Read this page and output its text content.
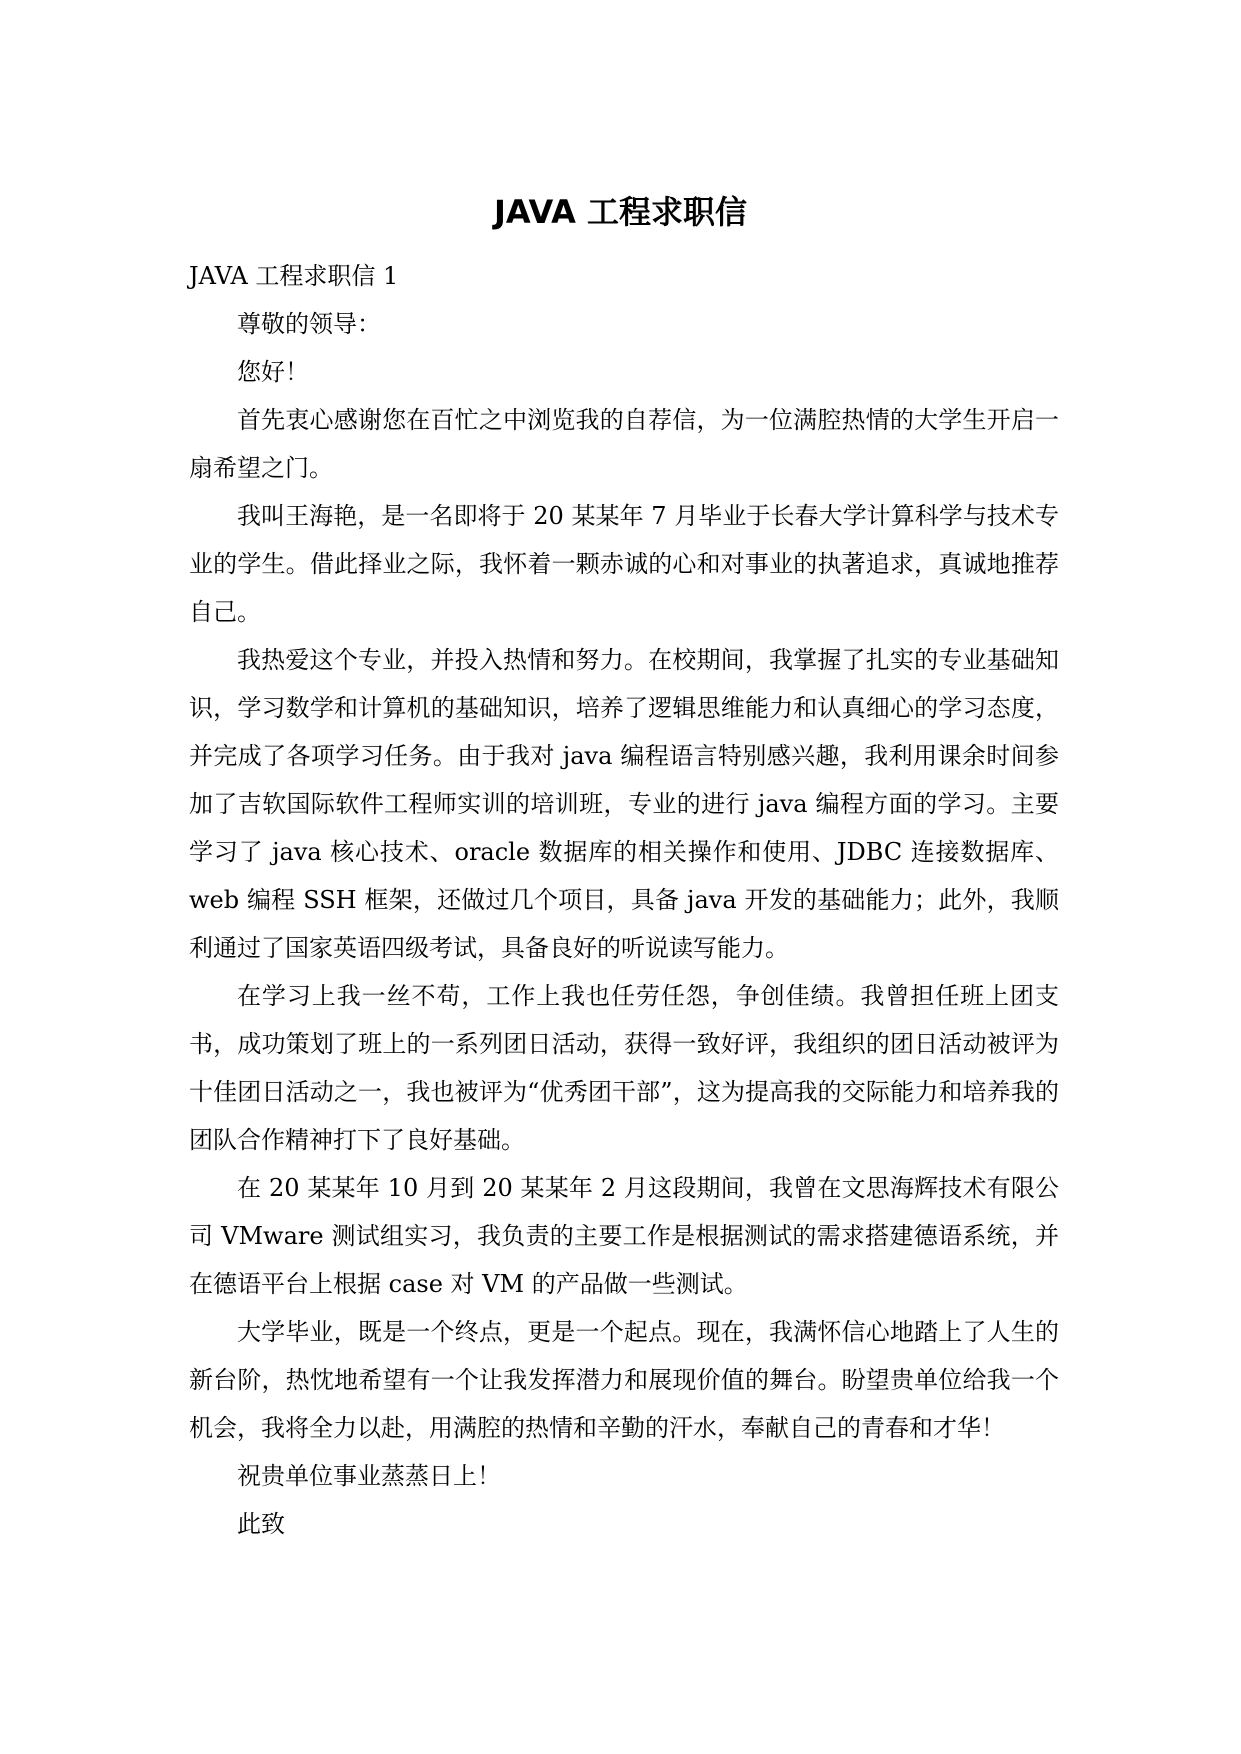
JAVA 工程求职信

JAVA 工程求职信 1

尊敬的领导：

您好！

首先衷心感谢您在百忙之中浏览我的自荐信，为一位满腔热情的大学生开启一扇希望之门。

我叫王海艳，是一名即将于 20 某某年 7 月毕业于长春大学计算科学与技术专业的学生。借此择业之际，我怀着一颗赤诚的心和对事业的执著追求，真诚地推荐自己。

我热爱这个专业，并投入热情和努力。在校期间，我掌握了扎实的专业基础知识，学习数学和计算机的基础知识，培养了逻辑思维能力和认真细心的学习态度，并完成了各项学习任务。由于我对 java 编程语言特别感兴趣，我利用课余时间参加了吉软国际软件工程师实训的培训班，专业的进行 java 编程方面的学习。主要学习了 java 核心技术、oracle 数据库的相关操作和使用、JDBC 连接数据库、web 编程 SSH 框架，还做过几个项目，具备 java 开发的基础能力；此外，我顺利通过了国家英语四级考试，具备良好的听说读写能力。

在学习上我一丝不苟，工作上我也任劳任怨，争创佳绩。我曾担任班上团支书，成功策划了班上的一系列团日活动，获得一致好评，我组织的团日活动被评为十佳团日活动之一，我也被评为“优秀团干部”，这为提高我的交际能力和培养我的团队合作精神打下了良好基础。

在 20 某某年 10 月到 20 某某年 2 月这段期间，我曾在文思海辉技术有限公司 VMware 测试组实习，我负责的主要工作是根据测试的需求搭建德语系统，并在德语平台上根据 case 对 VM 的产品做一些测试。

大学毕业，既是一个终点，更是一个起点。现在，我满怀信心地踏上了人生的新台阶，热忱地希望有一个让我发挥潜力和展现价值的舞台。盼望贵单位给我一个机会，我将全力以赴，用满腔的热情和辛勤的汗水，奉献自己的青春和才华！

祝贵单位事业蒸蒸日上！

此致
